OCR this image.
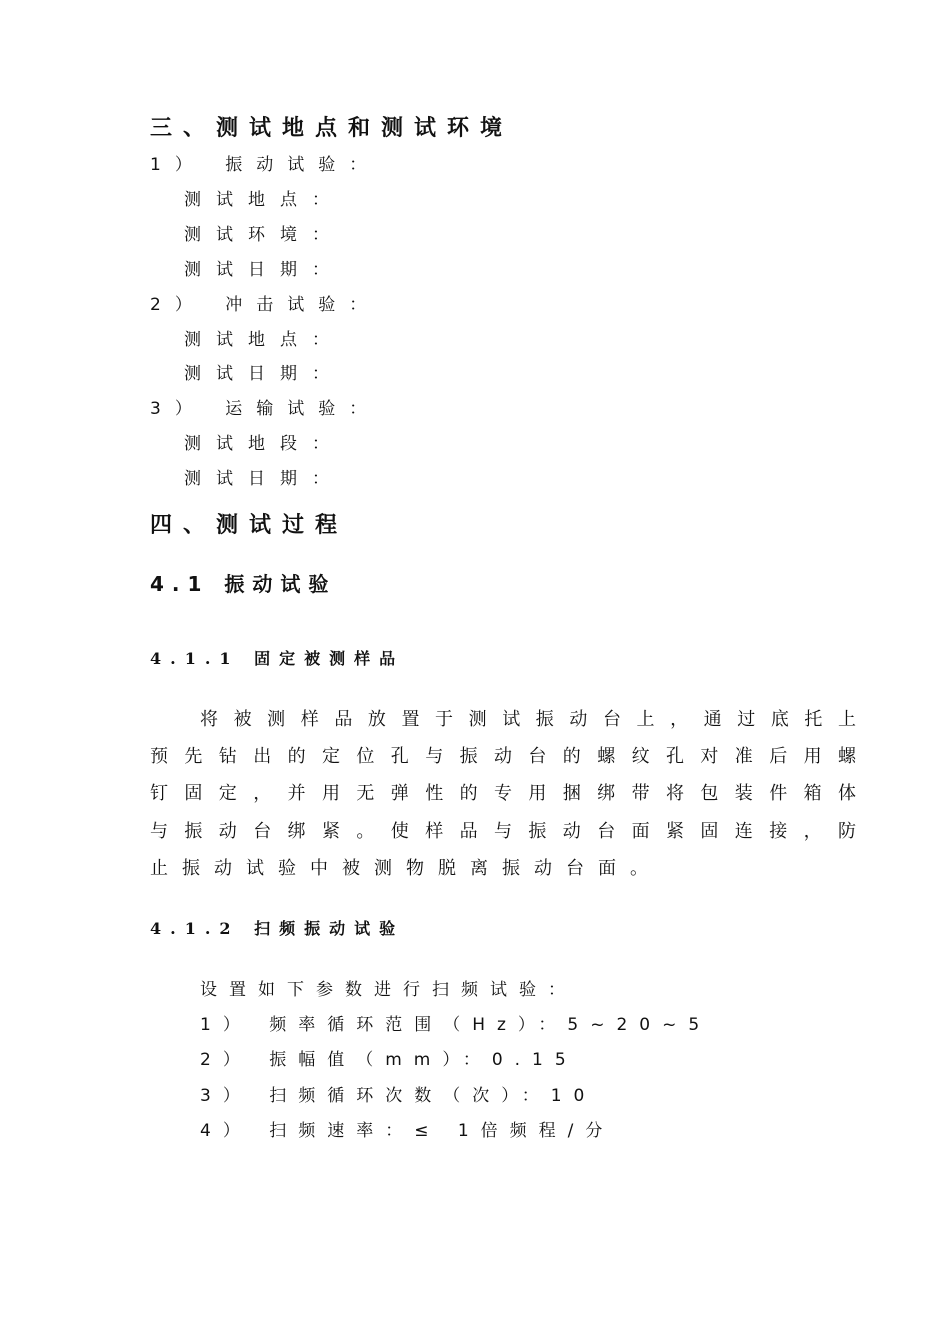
三、测试地点和测试环境
1） 振动试验：
测试地点：
测试环境：
测试日期：
2） 冲击试验：
测试地点：
测试日期：
3） 运输试验：
测试地段：
测试日期：
四、测试过程
4.1 振动试验
4.1.1 固定被测样品
将被测样品放置于测试振动台上，通过底托上
预先钻出的定位孔与振动台的螺纹孔对准后用螺
钉固定，并用无弹性的专用捆绑带将包装件箱体
与振动台绑紧。使样品与振动台面紧固连接，防
止振动试验中被测物脱离振动台面。
4.1.2 扫频振动试验
设置如下参数进行扫频试验：
1） 频率循环范围（Hz）：5~20~5
2） 振幅值（mm）：0.15
3） 扫频循环次数（次）：10
4） 扫频速率：≤ 1倍频程/分
